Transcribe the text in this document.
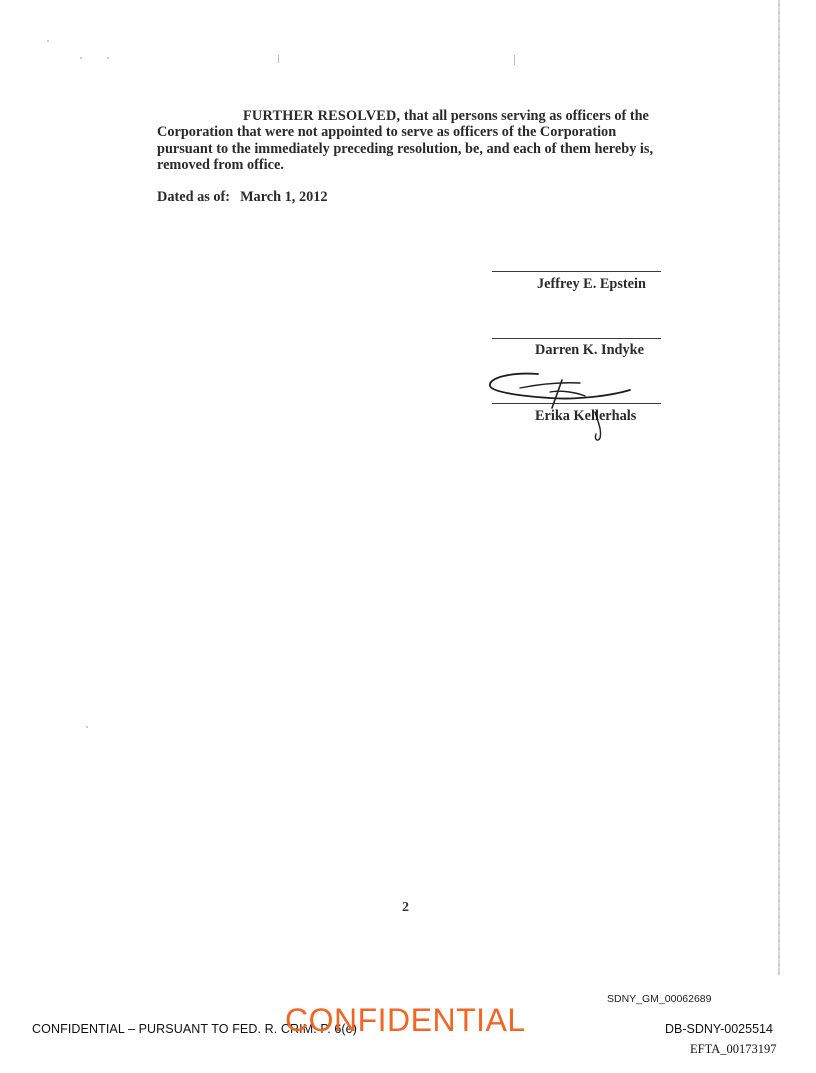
FURTHER RESOLVED, that all persons serving as officers of the
Corporation that were not appointed to serve as officers of the Corporation
pursuant to the immediately preceding resolution, be, and each of them hereby is,
removed from office.
Dated as of: March 1, 2012
Jeffrey E. Epstein
Darren K. Indyke
Erika Kellerhals
2
SDNY_GM_00062689
CONFIDENTIAL – PURSUANT TO FED. R. CRIM. P. 6(e)
CONFIDENTIAL	DB-SDNY-0025514
EFTA_00173197
